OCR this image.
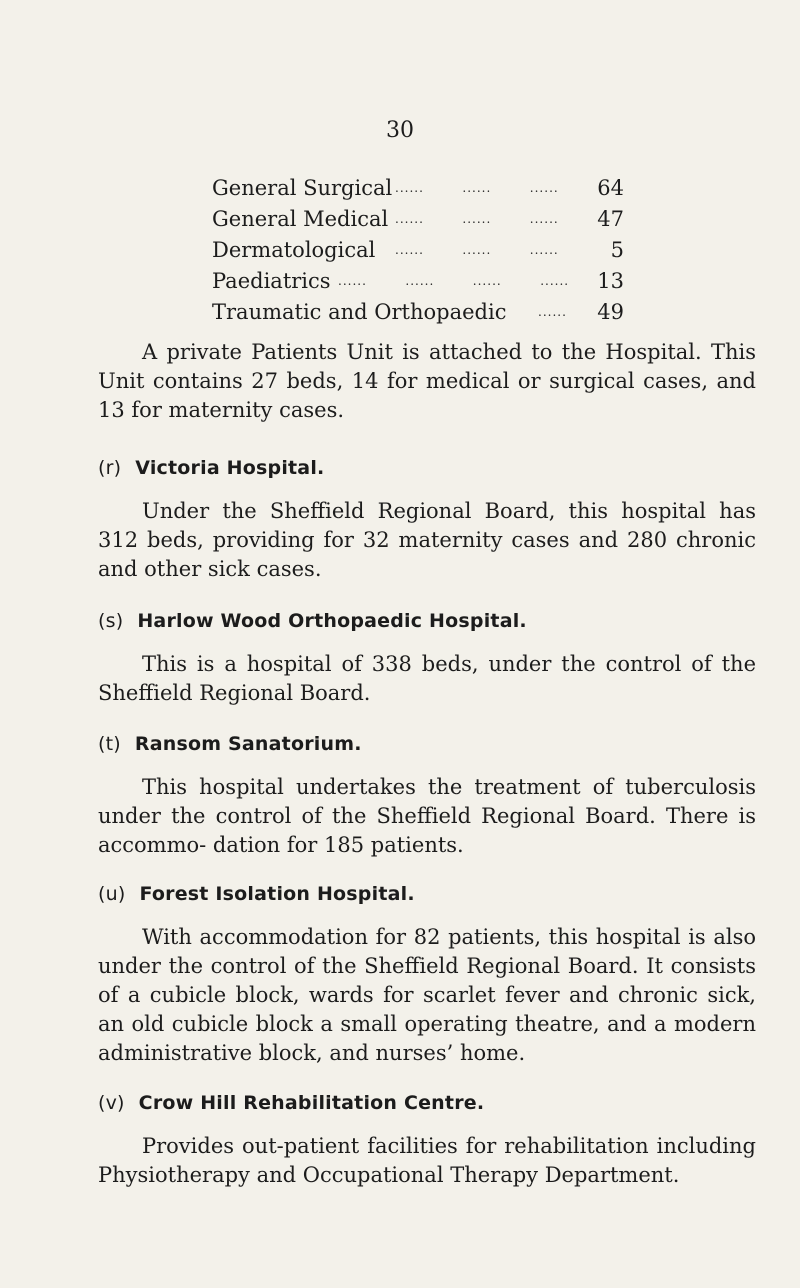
30
General Surgical ......        ......        ...... 64
General Medical ......        ......        ...... 47
Dermatological ......        ......        ...... 5
Paediatrics ......        ......        ......        ...... 13
Traumatic and Orthopaedic	...... 49
A private Patients Unit is attached to the Hospital. This Unit contains 27 beds, 14 for medical or surgical cases, and 13 for maternity cases.
(r) Victoria Hospital.
Under the Sheffield Regional Board, this hospital has 312 beds, providing for 32 maternity cases and 280 chronic and other sick cases.
(s) Harlow Wood Orthopaedic Hospital.
This is a hospital of 338 beds, under the control of the Sheffield Regional Board.
(t) Ransom Sanatorium.
This hospital undertakes the treatment of tuberculosis under the control of the Sheffield Regional Board. There is accommo- dation for 185 patients.
(u) Forest Isolation Hospital.
With accommodation for 82 patients, this hospital is also under the control of the Sheffield Regional Board. It consists of a cubicle block, wards for scarlet fever and chronic sick, an old cubicle block a small operating theatre, and a modern administrative block, and nurses’ home.
(v) Crow Hill Rehabilitation Centre.
Provides out-patient facilities for rehabilitation including Physiotherapy and Occupational Therapy Department.
